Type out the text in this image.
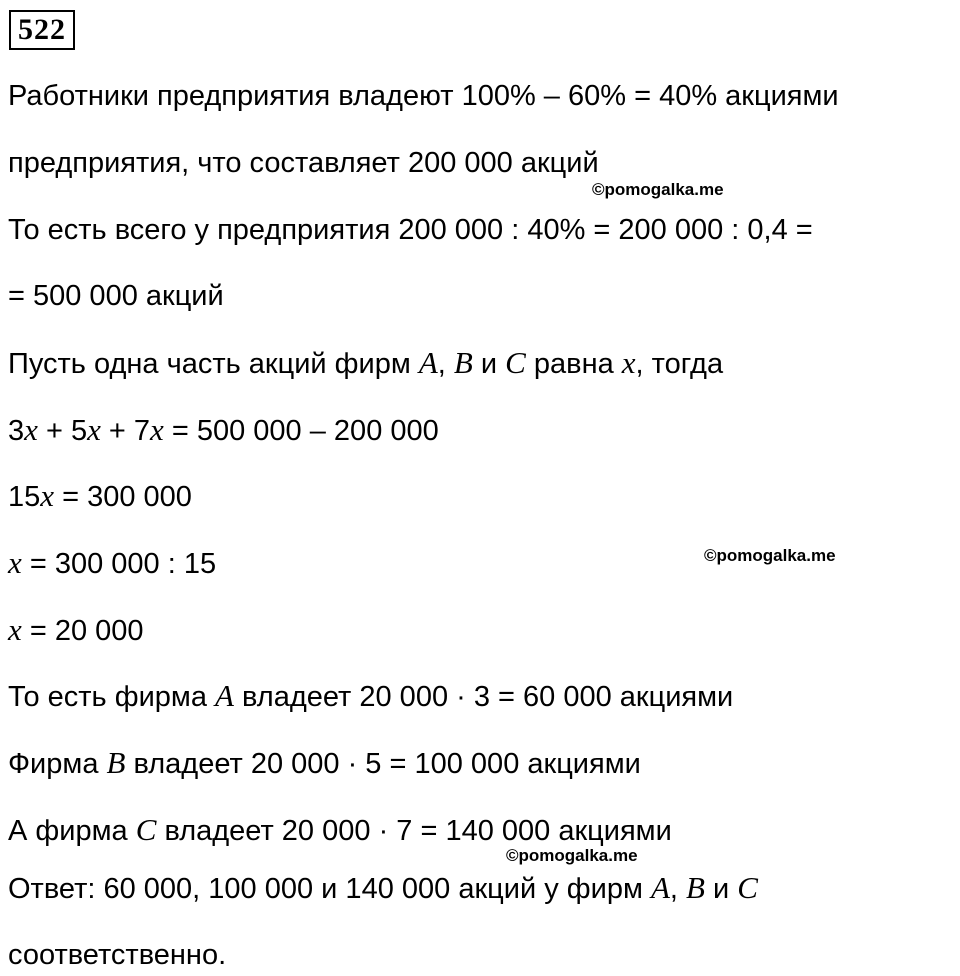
522
Работники предприятия владеют 100% – 60% = 40% акциями
предприятия, что составляет 200 000 акций
©pomogalka.me
То есть всего у предприятия 200 000 : 40% = 200 000 : 0,4 =
= 500 000 акций
Пусть одна часть акций фирм A, B и C равна x, тогда
3x + 5x + 7x = 500 000 – 200 000
15x = 300 000
©pomogalka.me
x = 300 000 : 15
x = 20 000
То есть фирма A владеет 20 000 · 3 = 60 000 акциями
Фирма B владеет 20 000 · 5 = 100 000 акциями
А фирма C владеет 20 000 · 7 = 140 000 акциями
©pomogalka.me
Ответ: 60 000, 100 000 и 140 000 акций у фирм A, B и C
соответственно.
